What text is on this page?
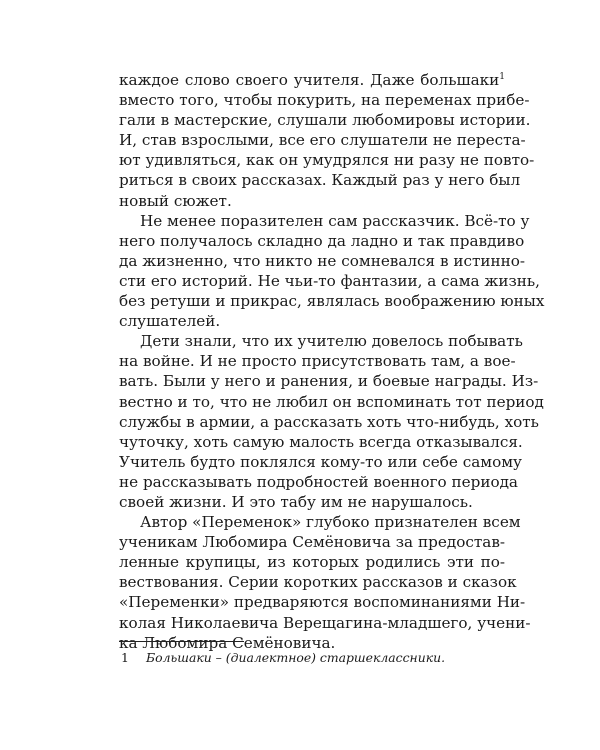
каждое слово своего учителя. Даже большаки$^1$
вместо того, чтобы покурить, на переменах прибе-
гали в мастерские, слушали любомировы истории.
И, став взрослыми, все его слушатели не переста-
ют удивляться, как он умудрялся ни разу не повто-
риться в своих рассказах. Каждый раз у него был
новый сюжет.

Не менее поразителен сам рассказчик. Всё-то у
него получалось складно да ладно и так правдиво
да жизненно, что никто не сомневался в истинно-
сти его историй. Не чьи-то фантазии, а сама жизнь,
без ретуши и прикрас, являлась воображению юных
слушателей.

Дети знали, что их учителю довелось побывать
на войне. И не просто присутствовать там, а вое-
вать. Были у него и ранения, и боевые награды. Из-
вестно и то, что не любил он вспоминать тот период
службы в армии, а рассказать хоть что-нибудь, хоть
чуточку, хоть самую малость всегда отказывался.
Учитель будто поклялся кому-то или себе самому
не рассказывать подробностей военного периода
своей жизни. И это табу им не нарушалось.

Автор «Переменок» глубоко признателен всем
ученикам Любомира Семёновича за предостав-
ленные крупицы, из которых родились эти по-
вествования. Серии коротких рассказов и сказок
«Переменки» предваряются воспоминаниями Ни-
колая Николаевича Верещагина-младшего, учени-
ка Любомира Семёновича.

1 Большаки – (диалектное) старшеклассники.
